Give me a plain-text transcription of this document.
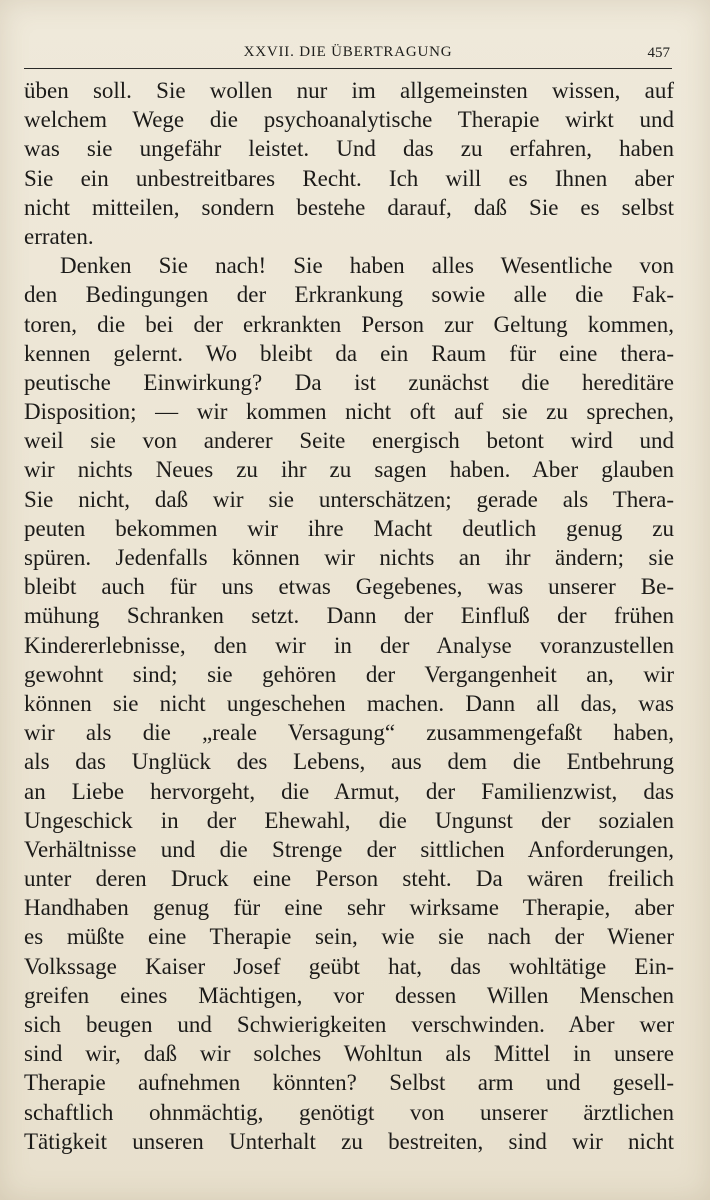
XXVII. DIE ÜBERTRAGUNG	457
üben soll. Sie wollen nur im allgemeinsten wissen, auf
welchem Wege die psychoanalytische Therapie wirkt und
was sie ungefähr leistet. Und das zu erfahren, haben
Sie ein unbestreitbares Recht. Ich will es Ihnen aber
nicht mitteilen, sondern bestehe darauf, daß Sie es selbst
erraten.
Denken Sie nach! Sie haben alles Wesentliche von
den Bedingungen der Erkrankung sowie alle die Fak-
toren, die bei der erkrankten Person zur Geltung kommen,
kennen gelernt. Wo bleibt da ein Raum für eine thera-
peutische Einwirkung? Da ist zunächst die hereditäre
Disposition; — wir kommen nicht oft auf sie zu sprechen,
weil sie von anderer Seite energisch betont wird und
wir nichts Neues zu ihr zu sagen haben. Aber glauben
Sie nicht, daß wir sie unterschätzen; gerade als Thera-
peuten bekommen wir ihre Macht deutlich genug zu
spüren. Jedenfalls können wir nichts an ihr ändern; sie
bleibt auch für uns etwas Gegebenes, was unserer Be-
mühung Schranken setzt. Dann der Einfluß der frühen
Kindererlebnisse, den wir in der Analyse voranzustellen
gewohnt sind; sie gehören der Vergangenheit an, wir
können sie nicht ungeschehen machen. Dann all das, was
wir als die „reale Versagung“ zusammengefaßt haben,
als das Unglück des Lebens, aus dem die Entbehrung
an Liebe hervorgeht, die Armut, der Familienzwist, das
Ungeschick in der Ehewahl, die Ungunst der sozialen
Verhältnisse und die Strenge der sittlichen Anforderungen,
unter deren Druck eine Person steht. Da wären freilich
Handhaben genug für eine sehr wirksame Therapie, aber
es müßte eine Therapie sein, wie sie nach der Wiener
Volkssage Kaiser Josef geübt hat, das wohltätige Ein-
greifen eines Mächtigen, vor dessen Willen Menschen
sich beugen und Schwierigkeiten verschwinden. Aber wer
sind wir, daß wir solches Wohltun als Mittel in unsere
Therapie aufnehmen könnten? Selbst arm und gesell-
schaftlich ohnmächtig, genötigt von unserer ärztlichen
Tätigkeit unseren Unterhalt zu bestreiten, sind wir nicht
